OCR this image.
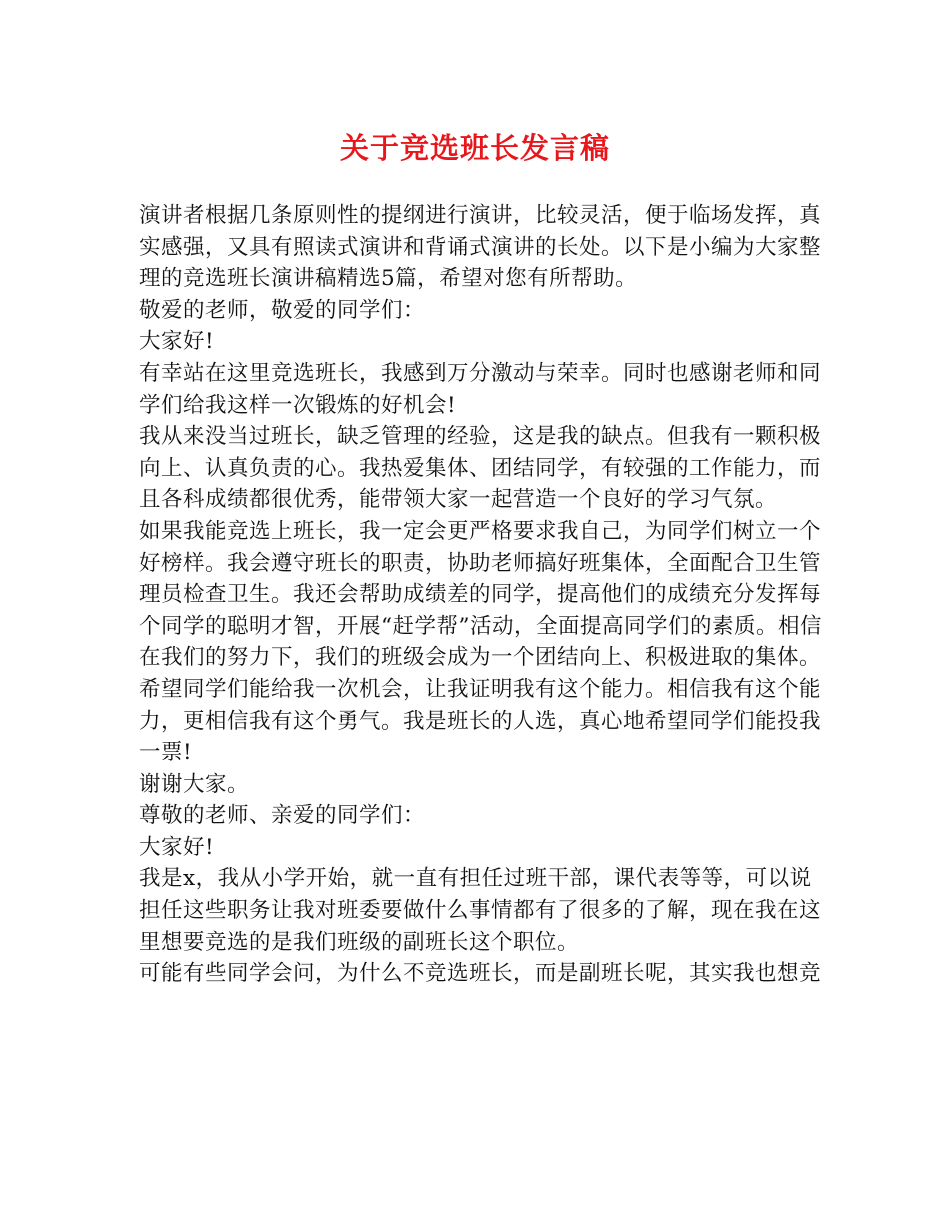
关于竞选班长发言稿

演讲者根据几条原则性的提纲进行演讲，比较灵活，便于临场发挥，真实感强，又具有照读式演讲和背诵式演讲的长处。以下是小编为大家整理的竞选班长演讲稿精选5篇，希望对您有所帮助。

敬爱的老师，敬爱的同学们：

大家好!

有幸站在这里竞选班长，我感到万分激动与荣幸。同时也感谢老师和同学们给我这样一次锻炼的好机会!

我从来没当过班长，缺乏管理的经验，这是我的缺点。但我有一颗积极向上、认真负责的心。我热爱集体、团结同学，有较强的工作能力，而且各科成绩都很优秀，能带领大家一起营造一个良好的学习气氛。

如果我能竞选上班长，我一定会更严格要求我自己，为同学们树立一个好榜样。我会遵守班长的职责，协助老师搞好班集体，全面配合卫生管理员检查卫生。我还会帮助成绩差的同学，提高他们的成绩充分发挥每个同学的聪明才智，开展“赶学帮”活动，全面提高同学们的素质。相信在我们的努力下，我们的班级会成为一个团结向上、积极进取的集体。希望同学们能给我一次机会，让我证明我有这个能力。相信我有这个能力，更相信我有这个勇气。我是班长的人选，真心地希望同学们能投我一票!

谢谢大家。

尊敬的老师、亲爱的同学们：

大家好!

我是x，我从小学开始，就一直有担任过班干部，课代表等等，可以说担任这些职务让我对班委要做什么事情都有了很多的了解，现在我在这里想要竞选的是我们班级的副班长这个职位。

可能有些同学会问，为什么不竞选班长，而是副班长呢，其实我也想竞
